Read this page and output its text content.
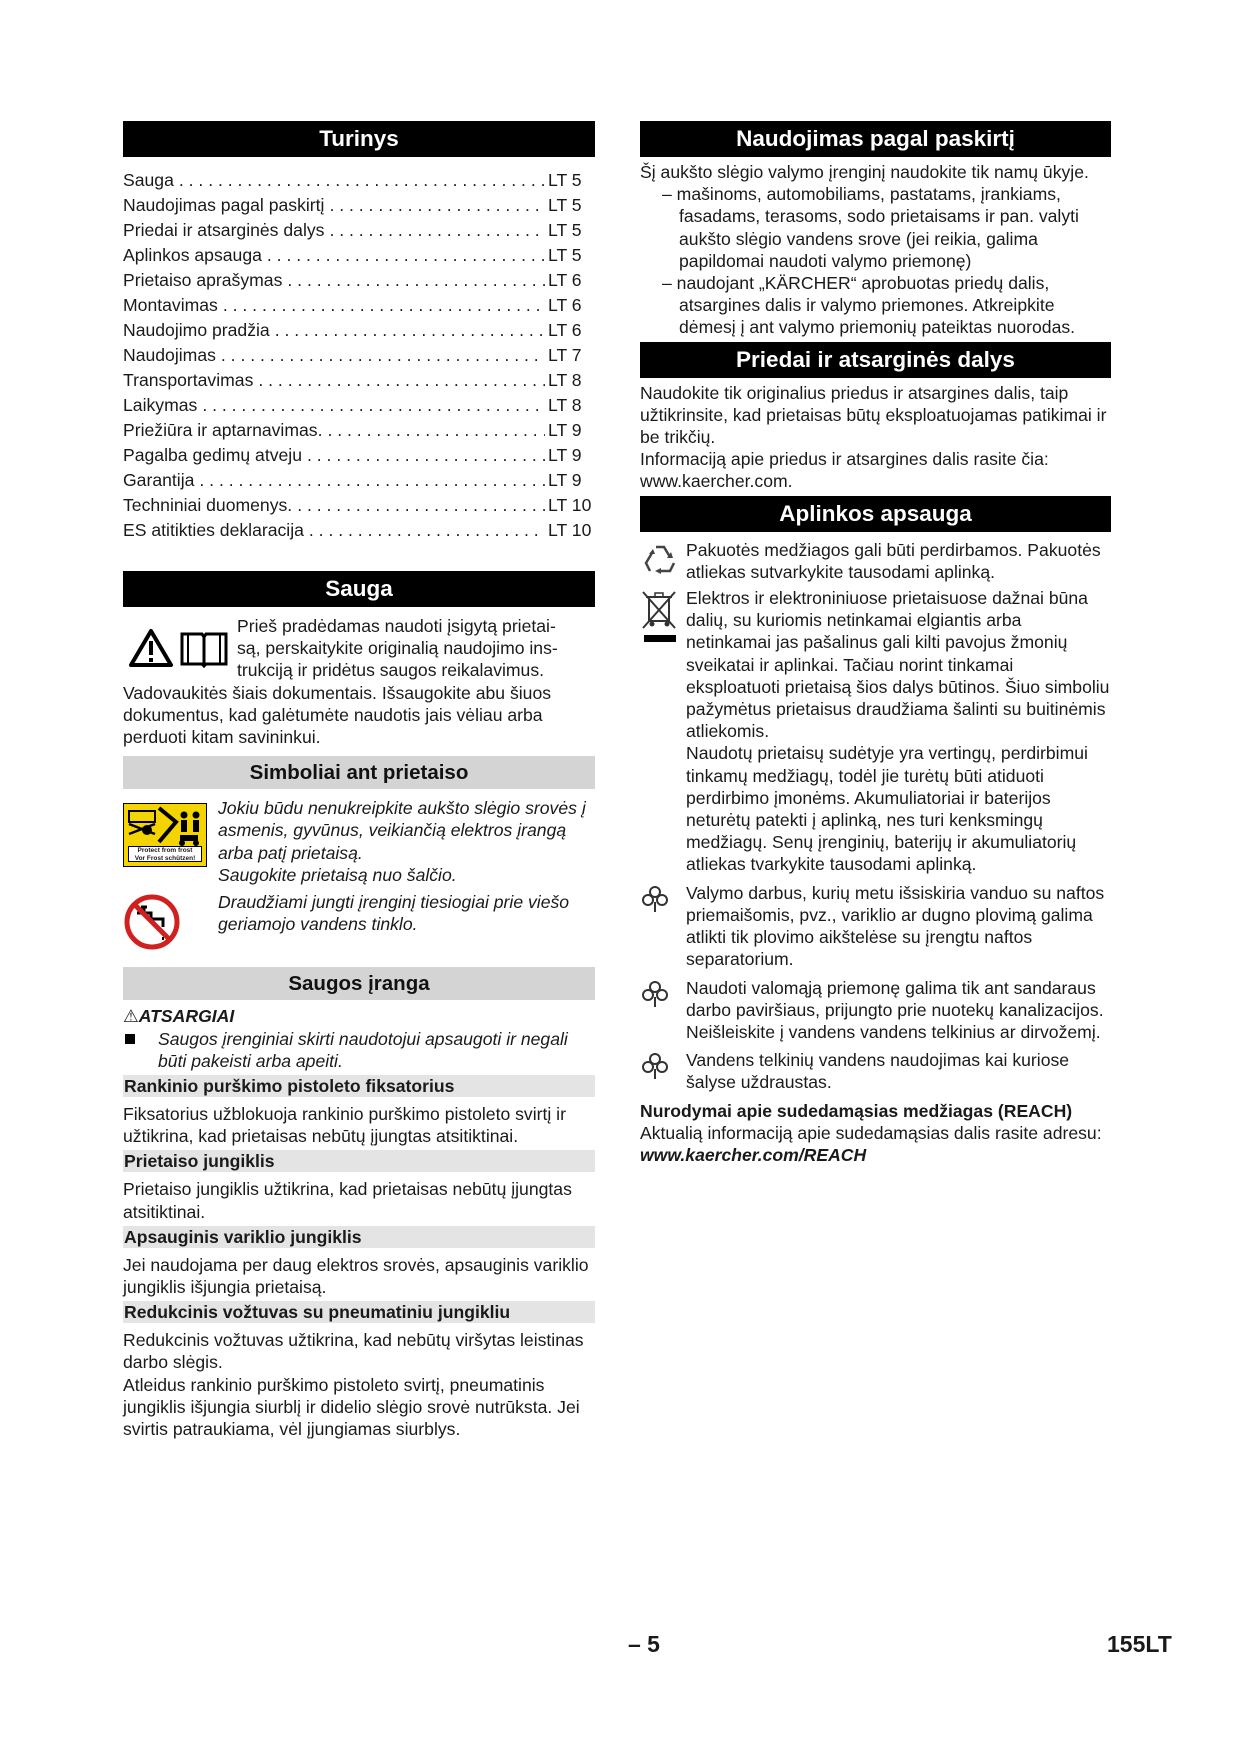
Turinys
Sauga . . .	LT 5
Naudojimas pagal paskirtį . . .	LT 5
Priedai ir atsarginės dalys . . .	LT 5
Aplinkos apsauga . . .	LT 5
Prietaiso aprašymas . . .	LT 6
Montavimas . . .	LT 6
Naudojimo pradžia . . .	LT 6
Naudojimas . . .	LT 7
Transportavimas . . .	LT 8
Laikymas . . .	LT 8
Priežiūra ir aptarnavimas. . . .	LT 9
Pagalba gedimų atveju . . .	LT 9
Garantija . . .	LT 9
Techniniai duomenys. . . .	LT 10
ES atitikties deklaracija . . .	LT 10
Sauga

Prieš pradėdamas naudoti įsigytą prietai-

są, perskaitykite originalią naudojimo ins-

trukciją ir pridėtus saugos reikalavimus.

Vadovaukitės šiais dokumentais. Išsaugokite abu šiuos dokumentus, kad galėtumėte naudotis jais vėliau arba perduoti kitam savininkui.

Simboliai ant prietaiso
Protect from frost
Vor Frost schützen!

Jokiu būdu nenukreipkite aukšto slėgio srovės į asmenis, gyvūnus, veikiančią elektros įrangą arba patį prietaisą.

Saugokite prietaisą nuo šalčio.

Draudžiami jungti įrenginį tiesiogiai prie viešo geriamojo vandens tinklo.

Saugos įranga
⚠ATSARGIAI

Saugos įrenginiai skirti naudotojui apsaugoti ir negali būti pakeisti arba apeiti.

Rankinio purškimo pistoleto fiksatorius

Fiksatorius užblokuoja rankinio purškimo pistoleto svirtį ir užtikrina, kad prietaisas nebūtų įjungtas atsitiktinai.

Prietaiso jungiklis

Prietaiso jungiklis užtikrina, kad prietaisas nebūtų įjungtas atsitiktinai.

Apsauginis variklio jungiklis

Jei naudojama per daug elektros srovės, apsauginis variklio jungiklis išjungia prietaisą.

Redukcinis vožtuvas su pneumatiniu jungikliu

Redukcinis vožtuvas užtikrina, kad nebūtų viršytas leistinas darbo slėgis.

Atleidus rankinio purškimo pistoleto svirtį, pneumatinis jungiklis išjungia siurblį ir didelio slėgio srovė nutrūksta. Jei svirtis patraukiama, vėl įjungiamas siurblys.

Naudojimas pagal paskirtį

Šį aukšto slėgio valymo įrenginį naudokite tik namų ūkyje.

– mašinoms, automobiliams, pastatams, įrankiams, fasadams, terasoms, sodo prietaisams ir pan. valyti aukšto slėgio vandens srove (jei reikia, galima papildomai naudoti valymo priemonę)

– naudojant „KÄRCHER“ aprobuotas priedų dalis, atsargines dalis ir valymo priemones. Atkreipkite dėmesį į ant valymo priemonių pateiktas nuorodas.

Priedai ir atsarginės dalys

Naudokite tik originalius priedus ir atsargines dalis, taip užtikrinsite, kad prietaisas būtų eksploatuojamas patikimai ir be trikčių.

Informaciją apie priedus ir atsargines dalis rasite čia: www.kaercher.com.

Aplinkos apsauga

Pakuotės medžiagos gali būti perdirbamos. Pakuotės atliekas sutvarkykite tausodami aplinką.

Elektros ir elektroniniuose prietaisuose dažnai būna dalių, su kuriomis netinkamai elgiantis arba netinkamai jas pašalinus gali kilti pavojus žmonių sveikatai ir aplinkai. Tačiau norint tinkamai eksploatuoti prietaisą šios dalys būtinos. Šiuo simboliu pažymėtus prietaisus draudžiama šalinti su buitinėmis atliekomis.

Naudotų prietaisų sudėtyje yra vertingų, perdirbimui tinkamų medžiagų, todėl jie turėtų būti atiduoti perdirbimo įmonėms. Akumuliatoriai ir baterijos neturėtų patekti į aplinką, nes turi kenksmingų medžiagų. Senų įrenginių, baterijų ir akumuliatorių atliekas tvarkykite tausodami aplinką.

Valymo darbus, kurių metu išsiskiria vanduo su naftos priemaišomis, pvz., variklio ar dugno plovimą galima atlikti tik plovimo aikštelėse su įrengtu naftos separatorium.

Naudoti valomąją priemonę galima tik ant sandaraus darbo paviršiaus, prijungto prie nuotekų kanalizacijos. Neišleiskite į vandens vandens telkinius ar dirvožemį.

Vandens telkinių vandens naudojimas kai kuriose šalyse uždraustas.

Nurodymai apie sudedamąsias medžiagas (REACH)

Aktualią informaciją apie sudedamąsias dalis rasite adresu:

www.kaercher.com/REACH

– 5	155LT
